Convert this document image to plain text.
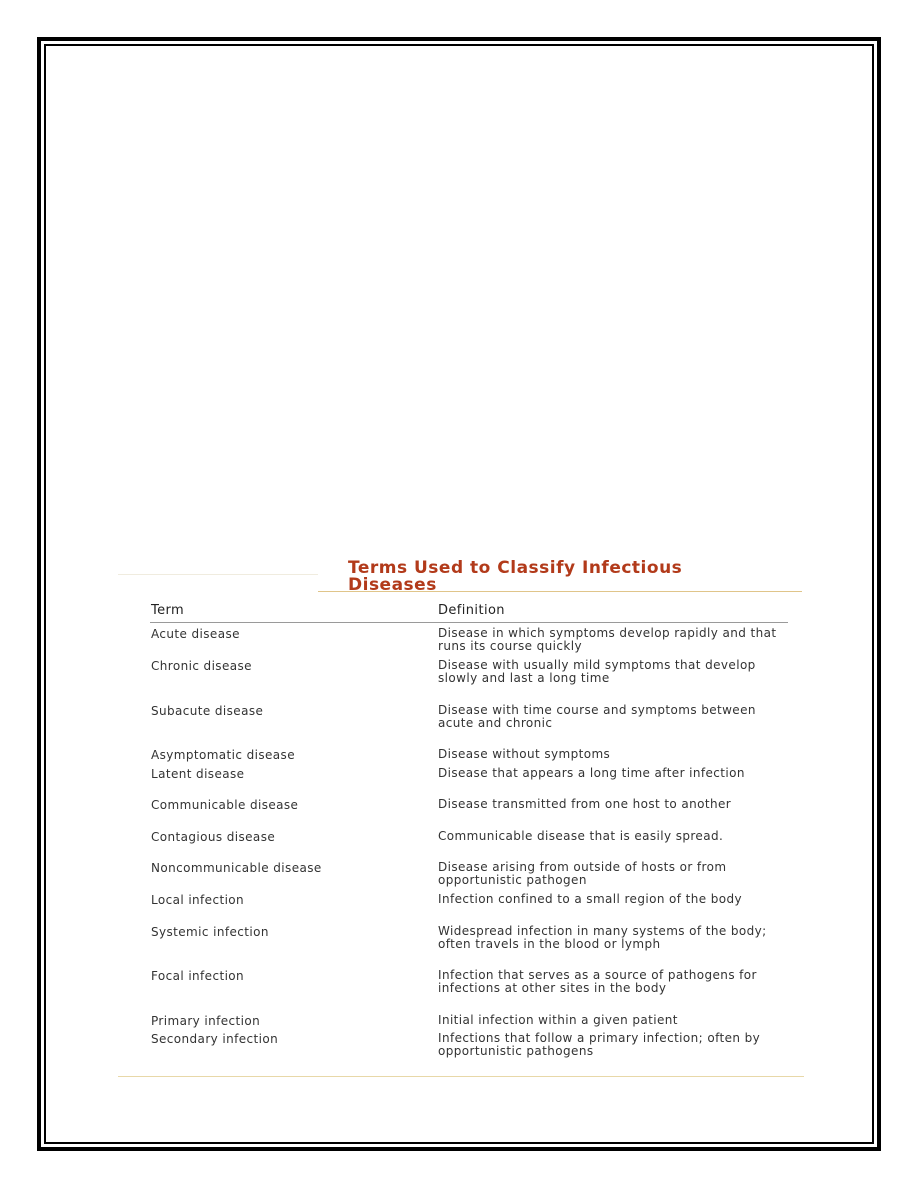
Terms Used to Classify Infectious
Diseases
Term	Definition
Acute disease	Disease in which symptoms develop rapidly and that runs its course quickly
Chronic disease	Disease with usually mild symptoms that develop slowly and last a long time
Subacute disease	Disease with time course and symptoms between acute and chronic
Asymptomatic disease	Disease without symptoms
Latent disease	Disease that appears a long time after infection
Communicable disease	Disease transmitted from one host to another
Contagious disease	Communicable disease that is easily spread.
Noncommunicable disease	Disease arising from outside of hosts or from opportunistic pathogen
Local infection	Infection confined to a small region of the body
Systemic infection	Widespread infection in many systems of the body; often travels in the blood or lymph
Focal infection	Infection that serves as a source of pathogens for infections at other sites in the body
Primary infection	Initial infection within a given patient
Secondary infection	Infections that follow a primary infection; often by opportunistic pathogens
